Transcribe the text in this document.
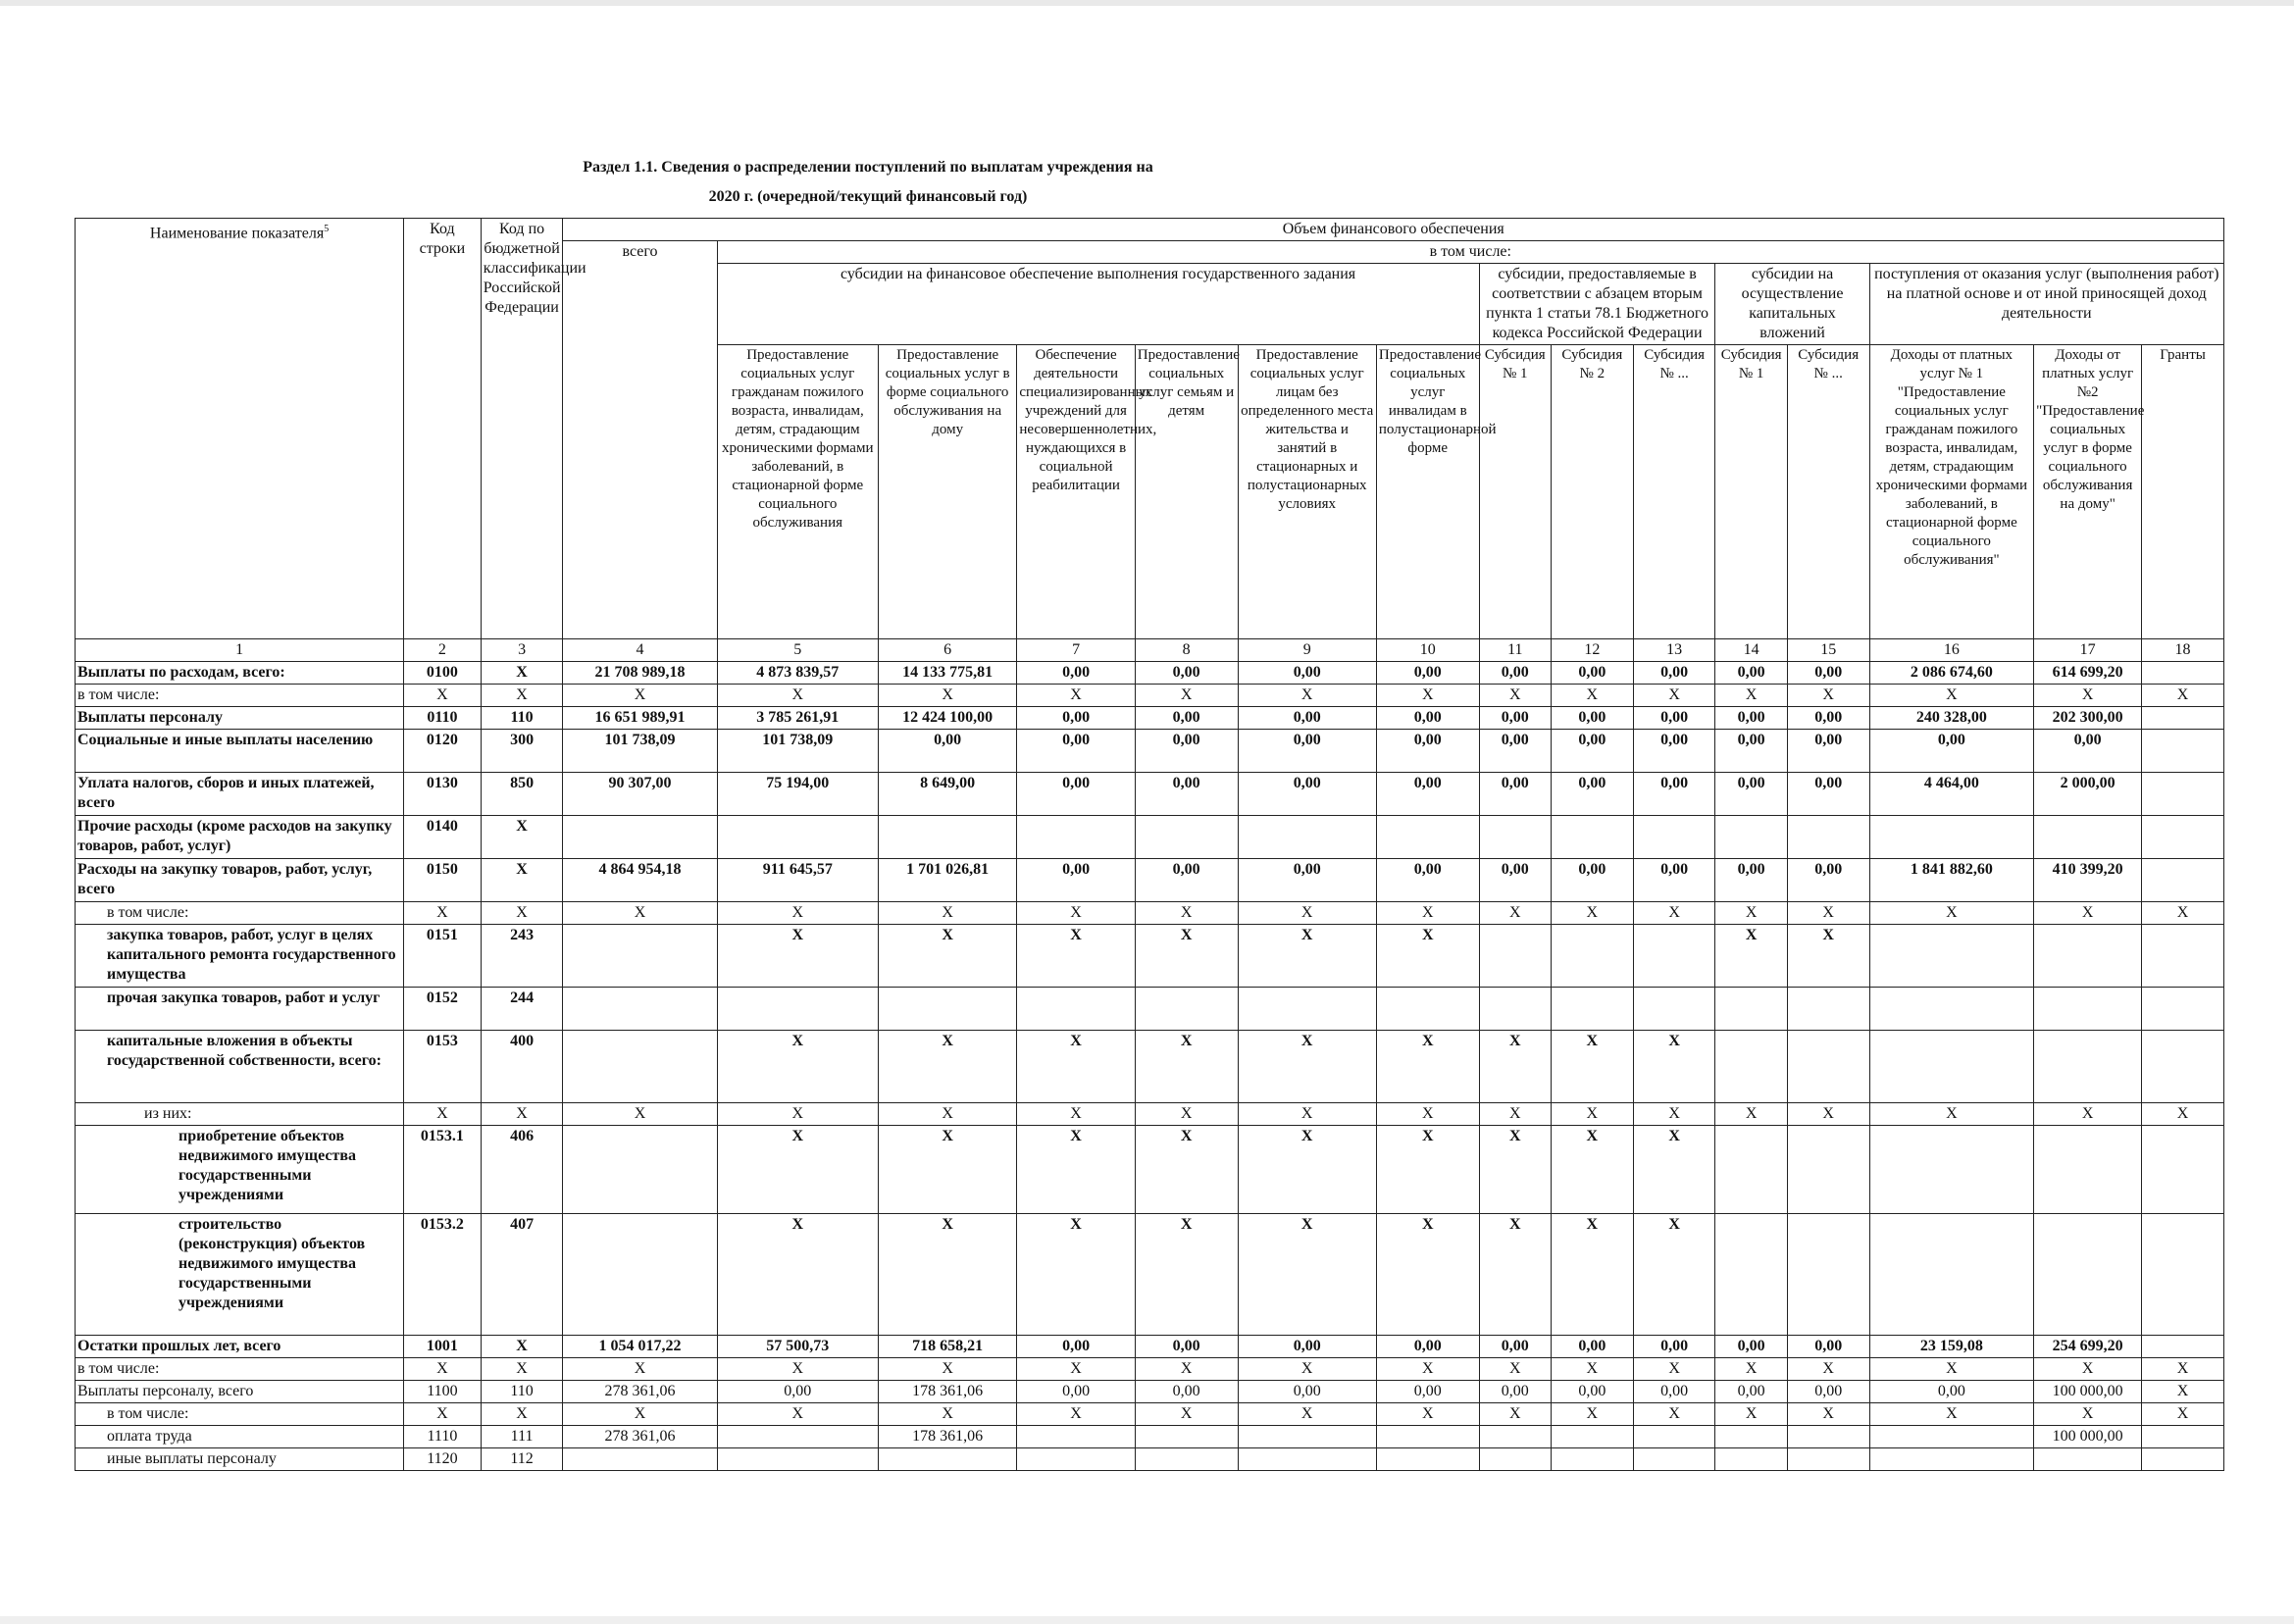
Раздел 1.1. Сведения о распределении поступлений по выплатам учреждения на
2020 г. (очередной/текущий финансовый год)
Наименование показателя$^5$	Код строки	Код по бюджетной классификации Российской Федерации	Объем финансового обеспечения														
			всего	в том числе:													
				субсидии на финансовое обеспечение выполнения государственного задания						субсидии, предоставляемые в соответствии с абзацем вторым пункта 1 статьи 78.1 Бюджетного кодекса Российской Федерации			субсидии на осуществление капитальных вложений		поступления от оказания услуг (выполнения работ) на платной основе и от иной приносящей доход деятельности		
				Предоставление социальных услуг гражданам пожилого возраста, инвалидам, детям, страдающим хроническими формами заболеваний, в стационарной форме социального обслуживания	Предоставление социальных услуг в форме социального обслуживания на дому	Обеспечение деятельности специализированных учреждений для несовершеннолетних, нуждающихся в социальной реабилитации	Предоставление социальных услуг семьям и детям	Предоставление социальных услуг лицам без определенного места жительства и занятий в стационарных и полустационарных условиях	Предоставление социальных услуг инвалидам в полустационарной форме	Субсидия № 1	Субсидия № 2	Субсидия № ...	Субсидия № 1	Субсидия № ...	Доходы от платных услуг № 1 "Предоставление социальных услуг гражданам пожилого возраста, инвалидам, детям, страдающим хроническими формами заболеваний, в стационарной форме социального обслуживания"	Доходы от платных услуг №2 "Предоставление социальных услуг в форме социального обслуживания на дому"	Гранты
1	2	3	4	5	6	7	8	9	10	11	12	13	14	15	16	17	18
Выплаты по расходам, всего:	0100	X	21 708 989,18	4 873 839,57	14 133 775,81	0,00	0,00	0,00	0,00	0,00	0,00	0,00	0,00	0,00	2 086 674,60	614 699,20	
в том числе:	X	X	X	X	X	X	X	X	X	X	X	X	X	X	X	X	X
Выплаты персоналу	0110	110	16 651 989,91	3 785 261,91	12 424 100,00	0,00	0,00	0,00	0,00	0,00	0,00	0,00	0,00	0,00	240 328,00	202 300,00	
Социальные и иные выплаты населению	0120	300	101 738,09	101 738,09	0,00	0,00	0,00	0,00	0,00	0,00	0,00	0,00	0,00	0,00	0,00	0,00	
Уплата налогов, сборов и иных платежей, всего	0130	850	90 307,00	75 194,00	8 649,00	0,00	0,00	0,00	0,00	0,00	0,00	0,00	0,00	0,00	4 464,00	2 000,00	
Прочие расходы (кроме расходов на закупку товаров, работ, услуг)	0140	X															
Расходы на закупку товаров, работ, услуг, всего	0150	X	4 864 954,18	911 645,57	1 701 026,81	0,00	0,00	0,00	0,00	0,00	0,00	0,00	0,00	0,00	1 841 882,60	410 399,20	
в том числе:	X	X	X	X	X	X	X	X	X	X	X	X	X	X	X	X	X
закупка товаров, работ, услуг в целях капитального ремонта государственного имущества	0151	243		X	X	X	X	X	X				X	X			
прочая закупка товаров, работ и услуг	0152	244															
капитальные вложения в объекты государственной собственности, всего:	0153	400		X	X	X	X	X	X	X	X	X					
из них:	X	X	X	X	X	X	X	X	X	X	X	X	X	X	X	X	X
приобретение объектов недвижимого имущества государственными учреждениями	0153.1	406		X	X	X	X	X	X	X	X	X					
строительство (реконструкция) объектов недвижимого имущества государственными учреждениями	0153.2	407		X	X	X	X	X	X	X	X	X					
Остатки прошлых лет, всего	1001	X	1 054 017,22	57 500,73	718 658,21	0,00	0,00	0,00	0,00	0,00	0,00	0,00	0,00	0,00	23 159,08	254 699,20	
в том числе:	X	X	X	X	X	X	X	X	X	X	X	X	X	X	X	X	X
Выплаты персоналу, всего	1100	110	278 361,06	0,00	178 361,06	0,00	0,00	0,00	0,00	0,00	0,00	0,00	0,00	0,00	0,00	100 000,00	X
в том числе:	X	X	X	X	X	X	X	X	X	X	X	X	X	X	X	X	X
оплата труда	1110	111	278 361,06		178 361,06											100 000,00	
иные выплаты персоналу	1120	112															
